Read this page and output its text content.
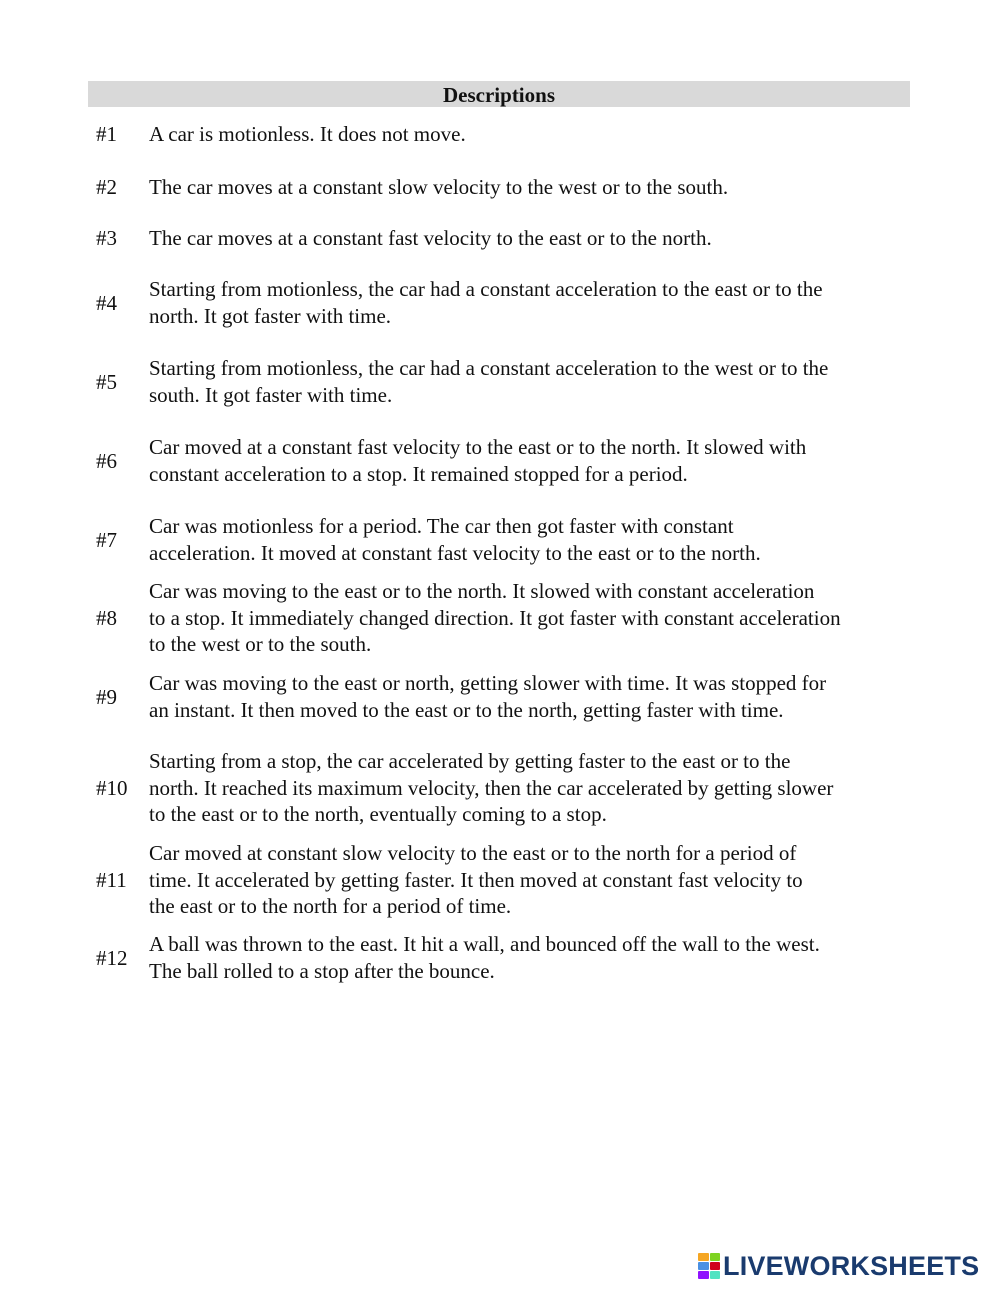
Descriptions
#1 A car is motionless. It does not move.
#2 The car moves at a constant slow velocity to the west or to the south.
#3 The car moves at a constant fast velocity to the east or to the north.
#4
Starting from motionless, the car had a constant acceleration to the east or to the
north. It got faster with time.
#5
Starting from motionless, the car had a constant acceleration to the west or to the
south. It got faster with time.
#6
Car moved at a constant fast velocity to the east or to the north. It slowed with
constant acceleration to a stop. It remained stopped for a period.
#7
Car was motionless for a period. The car then got faster with constant
acceleration. It moved at constant fast velocity to the east or to the north.
#8
Car was moving to the east or to the north. It slowed with constant acceleration
to a stop. It immediately changed direction. It got faster with constant acceleration
to the west or to the south.
#9
Car was moving to the east or north, getting slower with time. It was stopped for
an instant. It then moved to the east or to the north, getting faster with time.
#10
Starting from a stop, the car accelerated by getting faster to the east or to the
north. It reached its maximum velocity, then the car accelerated by getting slower
to the east or to the north, eventually coming to a stop.
#11
Car moved at constant slow velocity to the east or to the north for a period of
time. It accelerated by getting faster. It then moved at constant fast velocity to
the east or to the north for a period of time.
#12
A ball was thrown to the east. It hit a wall, and bounced off the wall to the west.
The ball rolled to a stop after the bounce.
LIVEWORKSHEETS
